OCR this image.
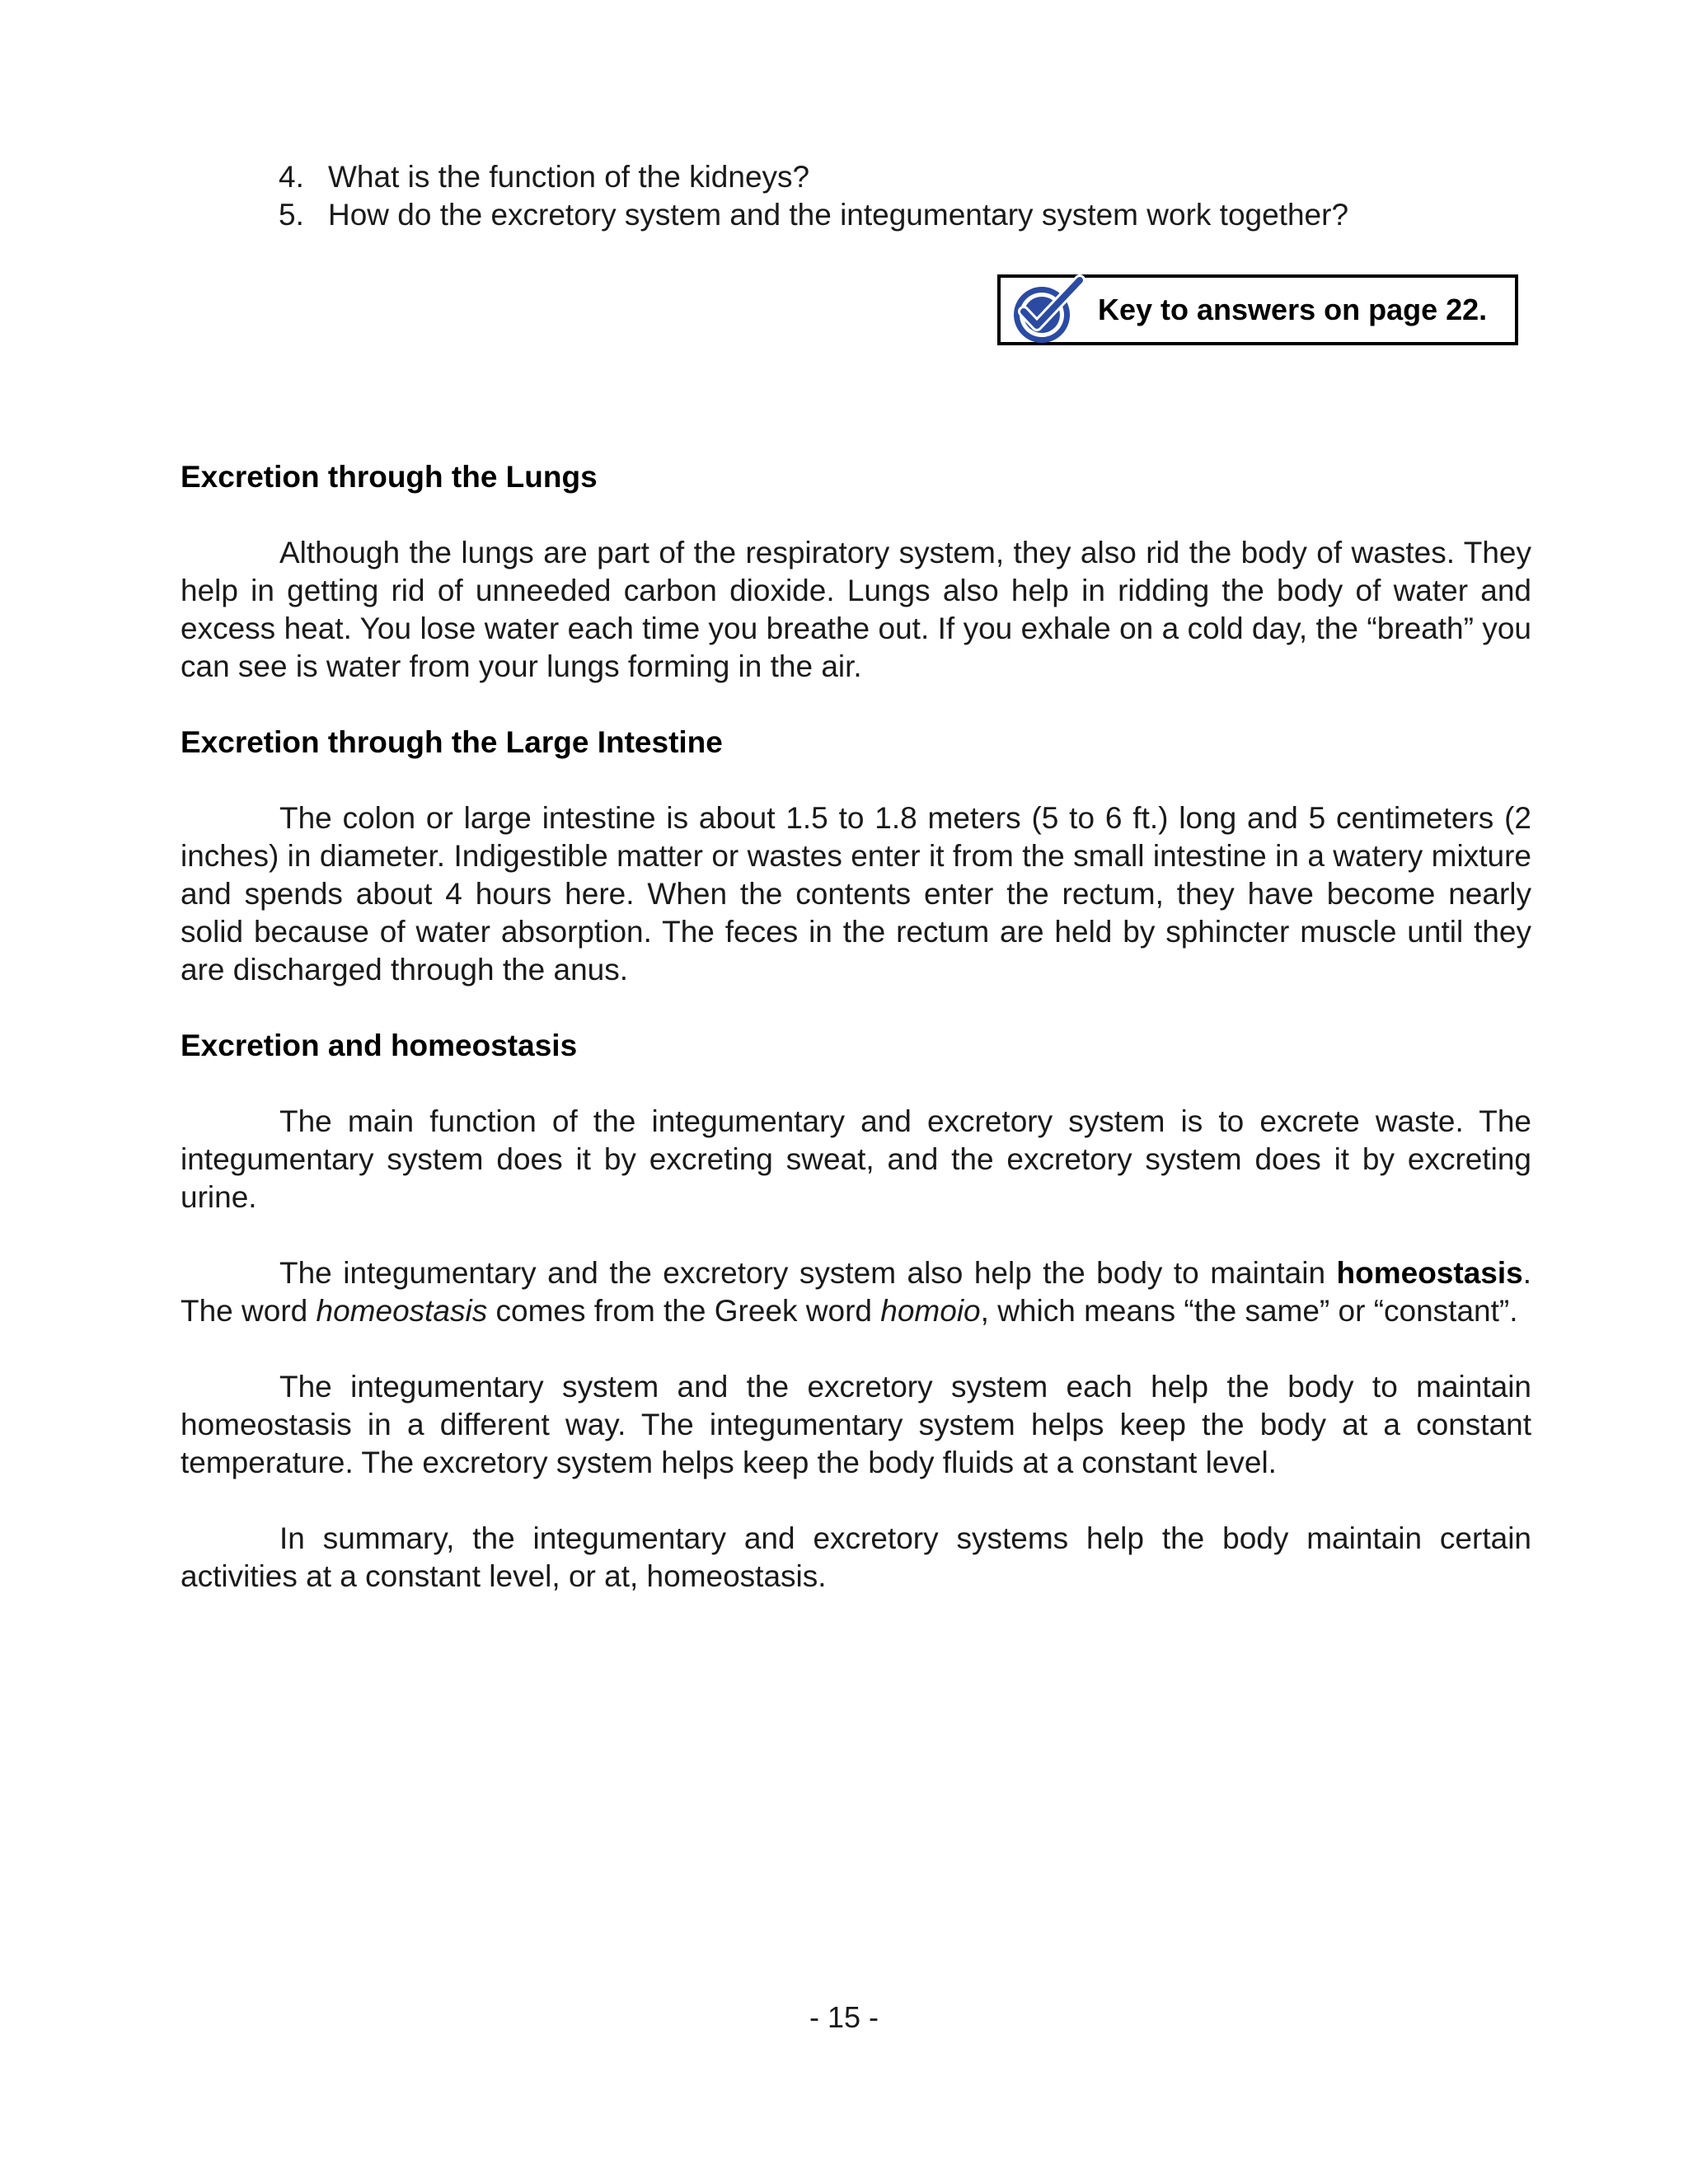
4. What is the function of the kidneys?
5. How do the excretory system and the integumentary system work together?
Key to answers on page 22.
Excretion through the Lungs

Although the lungs are part of the respiratory system, they also rid the body of wastes. They help in getting rid of unneeded carbon dioxide. Lungs also help in ridding the body of water and excess heat. You lose water each time you breathe out. If you exhale on a cold day, the “breath” you can see is water from your lungs forming in the air.

Excretion through the Large Intestine

The colon or large intestine is about 1.5 to 1.8 meters (5 to 6 ft.) long and 5 centimeters (2 inches) in diameter. Indigestible matter or wastes enter it from the small intestine in a watery mixture and spends about 4 hours here. When the contents enter the rectum, they have become nearly solid because of water absorption. The feces in the rectum are held by sphincter muscle until they are discharged through the anus.

Excretion and homeostasis

The main function of the integumentary and excretory system is to excrete waste. The integumentary system does it by excreting sweat, and the excretory system does it by excreting urine.

The integumentary and the excretory system also help the body to maintain homeostasis. The word homeostasis comes from the Greek word homoio, which means “the same” or “constant”.

The integumentary system and the excretory system each help the body to maintain homeostasis in a different way. The integumentary system helps keep the body at a constant temperature. The excretory system helps keep the body fluids at a constant level.

In summary, the integumentary and excretory systems help the body maintain certain activities at a constant level, or at, homeostasis.

- 15 -
